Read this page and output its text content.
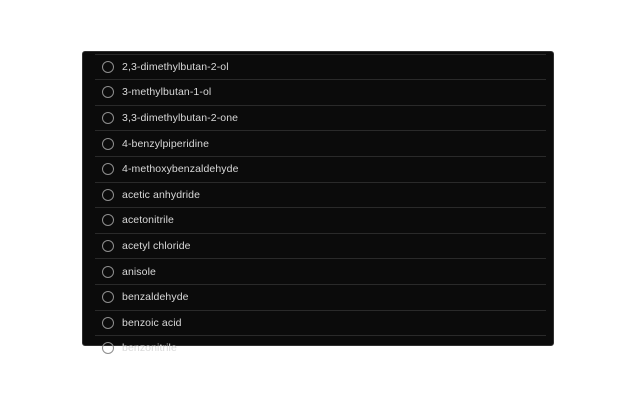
2,3-dimethylbutan-2-ol
3-methylbutan-1-ol
3,3-dimethylbutan-2-one
4-benzylpiperidine
4-methoxybenzaldehyde
acetic anhydride
acetonitrile
acetyl chloride
anisole
benzaldehyde
benzoic acid
benzonitrile
